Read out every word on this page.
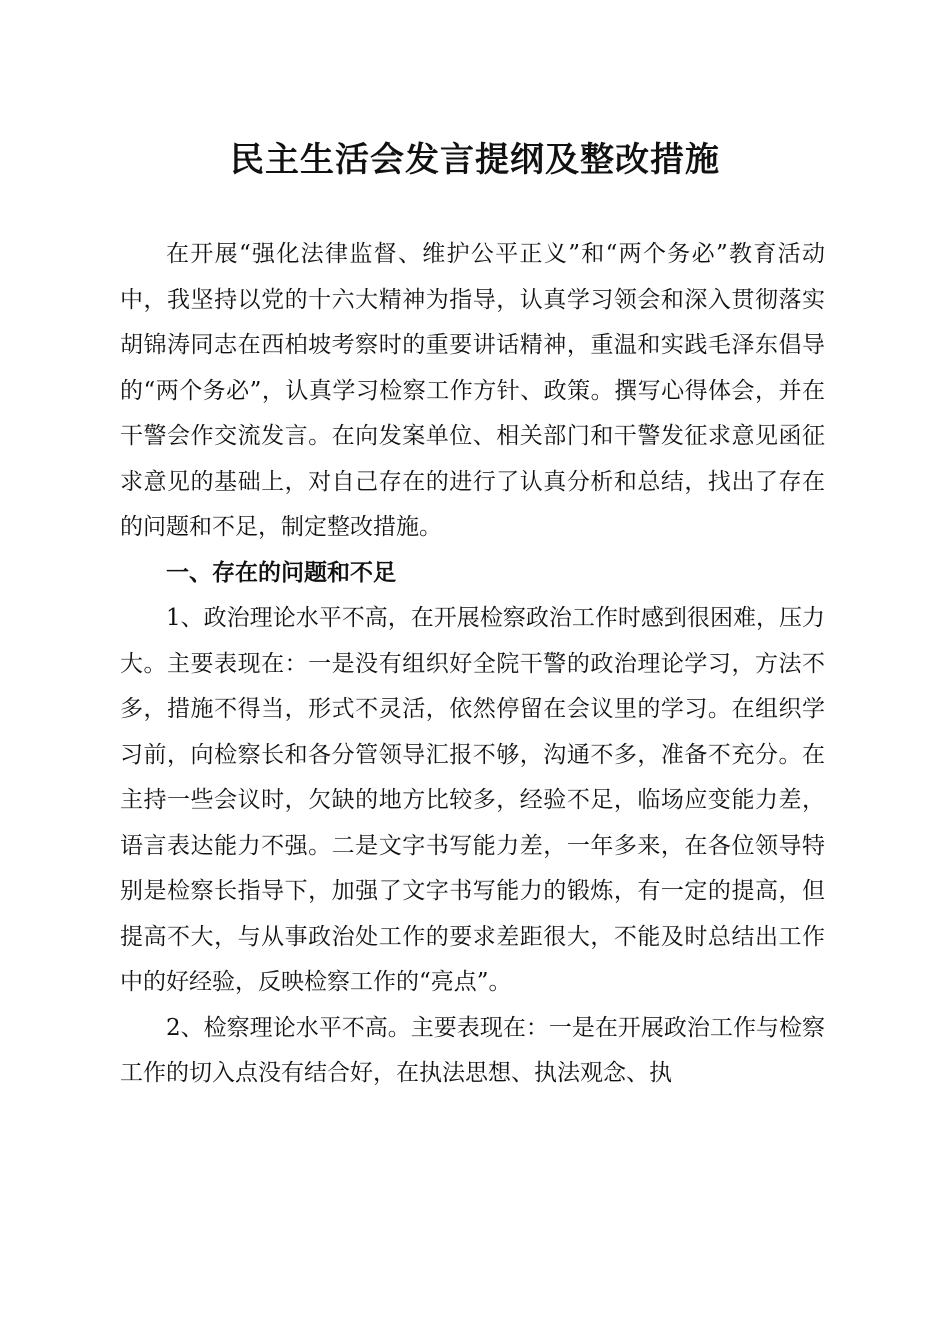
民主生活会发言提纲及整改措施

在开展“强化法律监督、维护公平正义”和“两个务必”教育活动中，我坚持以党的十六大精神为指导，认真学习领会和深入贯彻落实胡锦涛同志在西柏坡考察时的重要讲话精神，重温和实践毛泽东倡导的“两个务必”，认真学习检察工作方针、政策。撰写心得体会，并在干警会作交流发言。在向发案单位、相关部门和干警发征求意见函征求意见的基础上，对自己存在的进行了认真分析和总结，找出了存在的问题和不足，制定整改措施。

一、存在的问题和不足

1、政治理论水平不高，在开展检察政治工作时感到很困难，压力大。主要表现在：一是没有组织好全院干警的政治理论学习，方法不多，措施不得当，形式不灵活，依然停留在会议里的学习。在组织学习前，向检察长和各分管领导汇报不够，沟通不多，准备不充分。在主持一些会议时，欠缺的地方比较多，经验不足，临场应变能力差，语言表达能力不强。二是文字书写能力差，一年多来，在各位领导特别是检察长指导下，加强了文字书写能力的锻炼，有一定的提高，但提高不大，与从事政治处工作的要求差距很大，不能及时总结出工作中的好经验，反映检察工作的“亮点”。

2、检察理论水平不高。主要表现在：一是在开展政治工作与检察工作的切入点没有结合好，在执法思想、执法观念、执
